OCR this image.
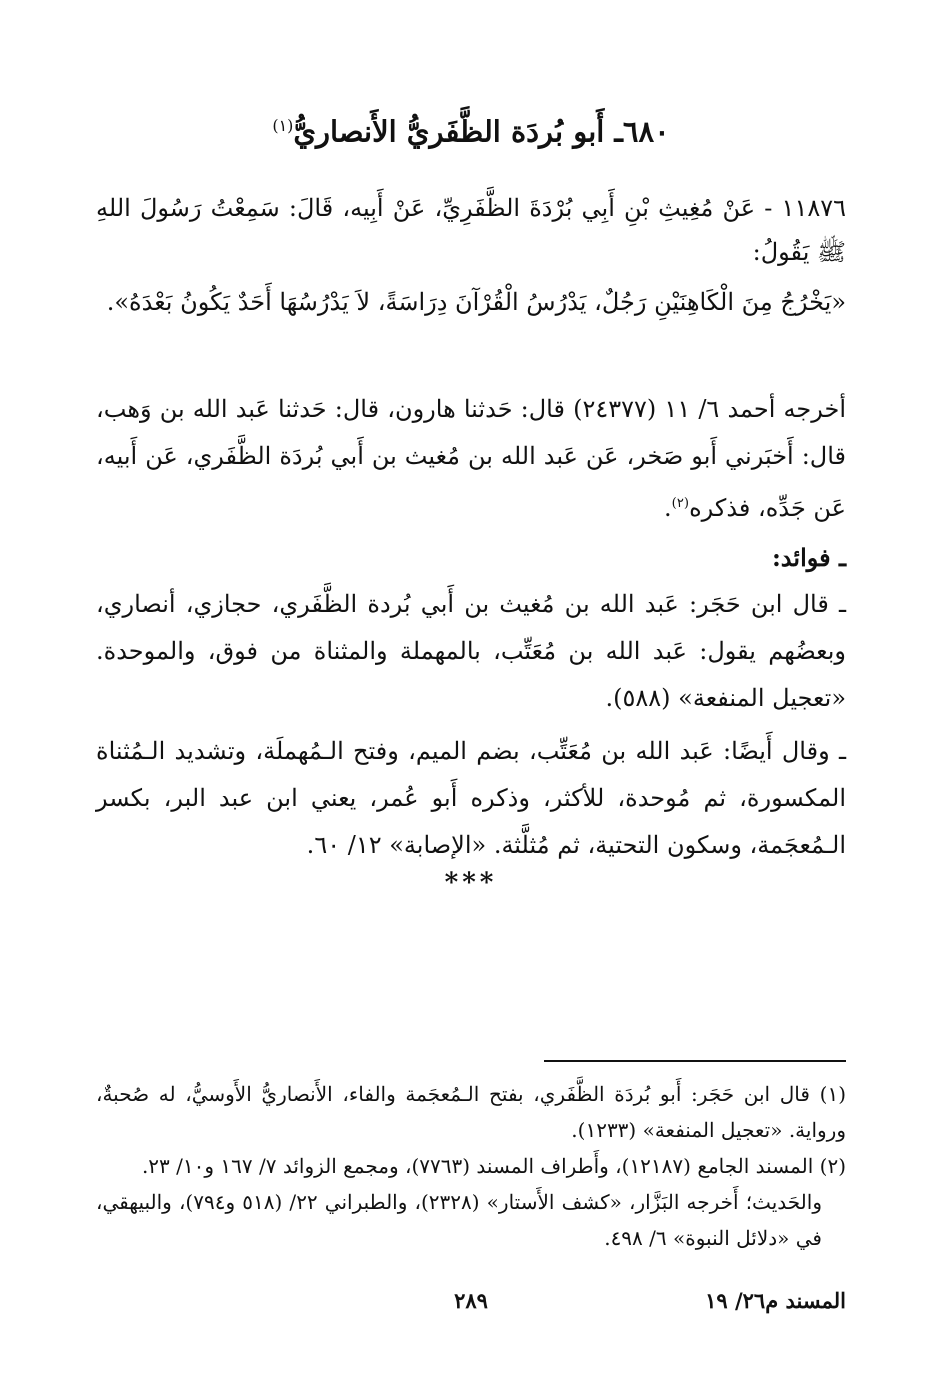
٦٨٠ـ أَبو بُردَة الظَّفَريُّ الأَنصاريُّ$^{(١)}$

١١٨٧٦ - عَنْ مُغِيثِ بْنِ أَبِي بُرْدَةَ الظَّفَرِيِّ، عَنْ أَبِيه، قَالَ: سَمِعْتُ رَسُولَ اللهِ ﷺ يَقُولُ:

«يَخْرُجُ مِنَ الْكَاهِنَيْنِ رَجُلٌ، يَدْرُسُ الْقُرْآنَ دِرَاسَةً، لاَ يَدْرُسُهَا أَحَدٌ يَكُونُ بَعْدَهُ».

أخرجه أحمد ٦/ ١١ (٢٤٣٧٧) قال: حَدثنا هارون، قال: حَدثنا عَبد الله بن وَهب، قال: أَخبَرني أَبو صَخر، عَن عَبد الله بن مُغيث بن أَبي بُردَة الظَّفَري، عَن أَبيه، عَن جَدِّه، فذكره$^{(٢)}$.

ـ فوائد:

ـ قال ابن حَجَر: عَبد الله بن مُغيث بن أَبي بُردة الظَّفَري، حجازي، أنصاري، وبعضُهم يقول: عَبد الله بن مُعَتِّب، بالمهملة والمثناة من فوق، والموحدة. «تعجيل المنفعة» (٥٨٨).

ـ وقال أَيضًا: عَبد الله بن مُعَتِّب، بضم الميم، وفتح الـمُهملَة، وتشديد الـمُثناة المكسورة، ثم مُوحدة، للأكثر، وذكره أَبو عُمر، يعني ابن عبد البر، بكسر الـمُعجَمة، وسكون التحتية، ثم مُثلَّثة. «الإصابة» ١٢/ ٦٠.

***

(١) قال ابن حَجَر: أَبو بُردَة الظَّفَري، بفتح الـمُعجَمة والفاء، الأَنصاريُّ الأَوسيُّ، له صُحبةٌ، ورواية. «تعجيل المنفعة» (١٢٣٣).

(٢) المسند الجامع (١٢١٨٧)، وأَطراف المسند (٧٧٦٣)، ومجمع الزوائد ٧/ ١٦٧ و١٠/ ٢٣.

والحَديث؛ أَخرجه البَزَّار، «كشف الأَستار» (٢٣٢٨)، والطبراني ٢٢/ (٥١٨ و٧٩٤)، والبيهقي، في «دلائل النبوة» ٦/ ٤٩٨.

المسند م٢٦/ ١٩
٢٨٩
